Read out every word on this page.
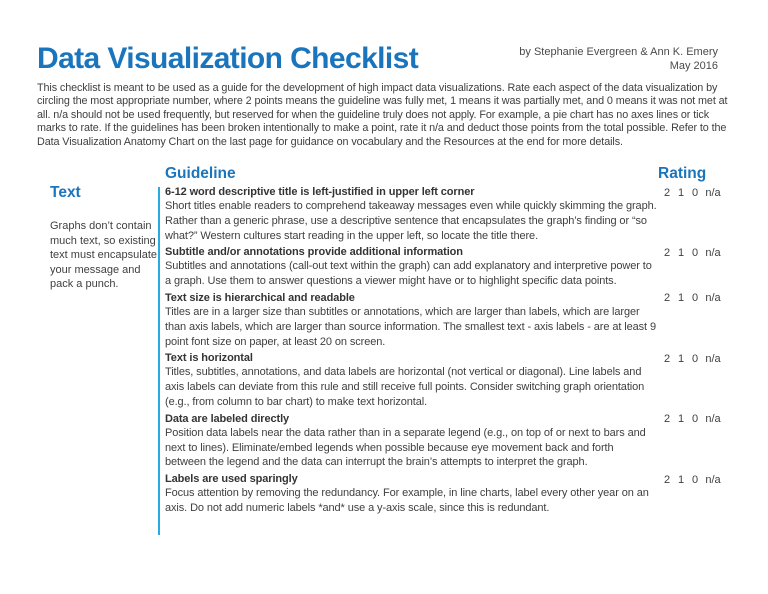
Data Visualization Checklist	by Stephanie Evergreen & Ann K. Emery
May 2016
This checklist is meant to be used as a guide for the development of high impact data visualizations. Rate each aspect of the data visualization by circling the most appropriate number, where 2 points means the guideline was fully met, 1 means it was partially met, and 0 means it was not met at all. n/a should not be used frequently, but reserved for when the guideline truly does not apply. For example, a pie chart has no axes lines or tick marks to rate. If the guidelines has been broken intentionally to make a point, rate it n/a and deduct those points from the total possible. Refer to the Data Visualization Anatomy Chart on the last page for guidance on vocabulary and the Resources at the end for more details.
Guideline	Rating
Text
Graphs don’t contain much text, so existing text must encapsulate your message and pack a punch.
6-12 word descriptive title is left-justified in upper left corner
Short titles enable readers to comprehend takeaway messages even while quickly skimming the graph. Rather than a generic phrase, use a descriptive sentence that encapsulates the graph’s finding or “so what?” Western cultures start reading in the upper left, so locate the title there.
2 1 0 n/a
Subtitle and/or annotations provide additional information
Subtitles and annotations (call-out text within the graph) can add explanatory and interpretive power to a graph. Use them to answer questions a viewer might have or to highlight specific data points.
2 1 0 n/a
Text size is hierarchical and readable
Titles are in a larger size than subtitles or annotations, which are larger than labels, which are larger than axis labels, which are larger than source information. The smallest text - axis labels - are at least 9 point font size on paper, at least 20 on screen.
2 1 0 n/a
Text is horizontal
Titles, subtitles, annotations, and data labels are horizontal (not vertical or diagonal). Line labels and axis labels can deviate from this rule and still receive full points. Consider switching graph orientation (e.g., from column to bar chart) to make text horizontal.
2 1 0 n/a
Data are labeled directly
Position data labels near the data rather than in a separate legend (e.g., on top of or next to bars and next to lines). Eliminate/embed legends when possible because eye movement back and forth between the legend and the data can interrupt the brain’s attempts to interpret the graph.
2 1 0 n/a
Labels are used sparingly
Focus attention by removing the redundancy. For example, in line charts, label every other year on an axis. Do not add numeric labels *and* use a y-axis scale, since this is redundant.
2 1 0 n/a
